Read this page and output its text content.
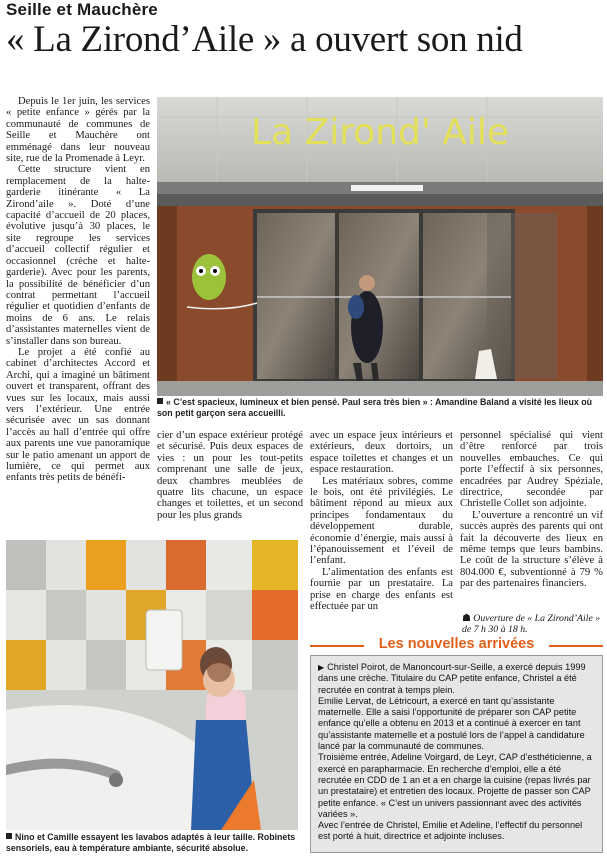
Seille et Mauchère
« La Zirond’Aile » a ouvert son nid
La Zirond' Aile
« C’est spacieux, lumineux et bien pensé. Paul sera très bien » : Amandine Baland a visité les lieux où son petit garçon sera accueilli.

Depuis le 1er juin, les services « petite enfance » gérés par la communauté de communes de Seille et Mauchère ont emménagé dans leur nouveau site, rue de la Promenade à Leyr.

Cette structure vient en remplacement de la halte-garderie itinérante « La Zirond’aile ». Doté d’une capacité d’accueil de 20 places, évolutive jusqu’à 30 places, le site regroupe les services d’accueil collectif régulier et occasionnel (crèche et halte-garderie). Avec pour les parents, la possibilité de bénéficier d’un contrat permettant l’accueil régulier et quotidien d’enfants de moins de 6 ans. Le relais d’assistantes maternelles vient de s’installer dans son bureau.

Le projet a été confié au cabinet d’architectes Accord et Archi, qui a imaginé un bâtiment ouvert et transparent, offrant des vues sur les locaux, mais aussi vers l’extérieur. Une entrée sécurisée avec un sas donnant l’accès au hall d’entrée qui offre aux parents une vue panoramique sur le patio amenant un apport de lumière, ce qui permet aux enfants très petits de bénéfi-

cier d’un espace extérieur protégé et sécurisé. Puis deux espaces de vies : un pour les tout-petits comprenant une salle de jeux, deux chambres meublées de quatre lits chacune, un espace changes et toilettes, et un second pour les plus grands

avec un espace jeux intérieurs et extérieurs, deux dortoirs, un espace toilettes et changes et un espace restauration.

Les matériaux sobres, comme le bois, ont été privilégiés. Le bâtiment répond au mieux aux principes fondamentaux du développement durable, économie d’énergie, mais aussi à l’épanouissement et l’éveil de l’enfant.

L’alimentation des enfants est fournie par un prestataire. La prise en charge des enfants est effectuée par un

personnel spécialisé qui vient d’être renforcé par trois nouvelles embauches. Ce qui porte l’effectif à six personnes, encadrées par Audrey Spéziale, directrice, secondée par Christelle Collet son adjointe.

L’ouverture a rencontré un vif succès auprès des parents qui ont fait la découverte des lieux en même temps que leurs bambins. Le coût de la structure s’élève à 804.000 €, subventionné à 79 % par des partenaires financiers.

☗ Ouverture de « La Zirond’Aile » de 7 h 30 à 18 h.
Nino et Camille essayent les lavabos adaptés à leur taille. Robinets sensoriels, eau à température ambiante, sécurité absolue.
Les nouvelles arrivées

▶ Christel Poirot, de Manoncourt-sur-Seille, a exercé depuis 1999 dans une crèche. Titulaire du CAP petite enfance, Christel a été recrutée en contrat à temps plein.

Emilie Lervat, de Létricourt, a exercé en tant qu’assistante maternelle. Elle a saisi l’opportunité de préparer son CAP petite enfance qu’elle a obtenu en 2013 et a continué à exercer en tant qu’assistante maternelle et a postulé lors de l’appel à candidature lancé par la communauté de communes.

Troisième entrée, Adeline Voirgard, de Leyr, CAP d’esthéticienne, a exercé en parapharmacie. En recherche d’emploi, elle a été recrutée en CDD de 1 an et a en charge la cuisine (repas livrés par un prestataire) et entretien des locaux. Projette de passer son CAP petite enfance. « C’est un univers passionnant avec des activités variées ».

Avec l’entrée de Christel, Emilie et Adeline, l’effectif du personnel est porté à huit, directrice et adjointe incluses.
